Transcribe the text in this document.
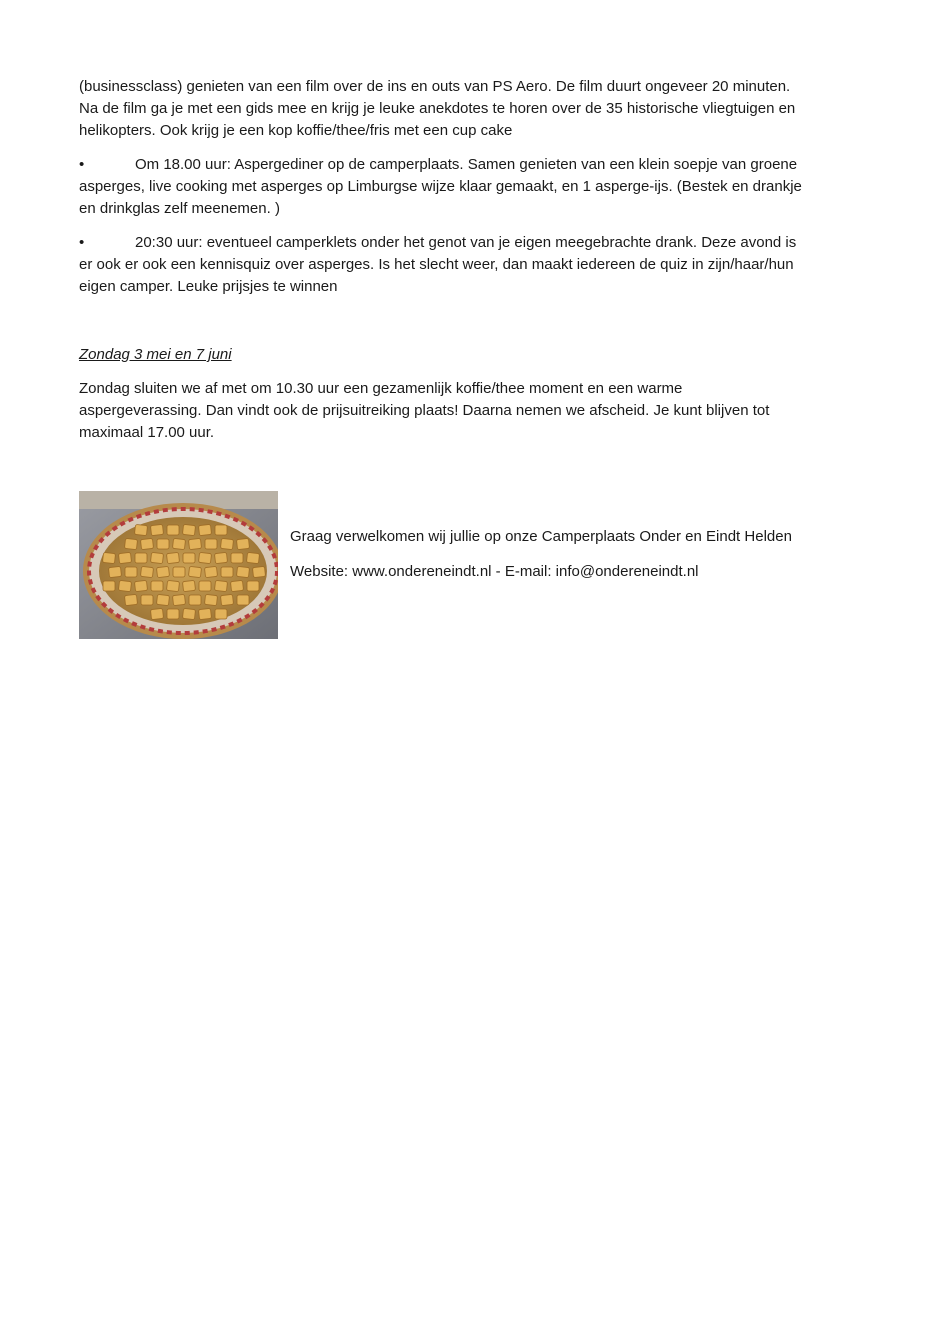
(businessclass) genieten van een film over de ins en outs van PS Aero. De film duurt ongeveer 20 minuten.
Na de film ga je met een gids mee en krijg je leuke anekdotes te horen over de 35 historische vliegtuigen en
helikopters. Ook krijg je een kop koffie/thee/fris met een cup cake
•	Om 18.00 uur: Aspergediner op de camperplaats. Samen genieten van een klein soepje van groene
asperges, live cooking met asperges op Limburgse wijze klaar gemaakt, en 1 asperge-ijs. (Bestek en drankje
en drinkglas zelf meenemen. )
•	20:30 uur: eventueel camperklets onder het genot van je eigen meegebrachte drank. Deze avond is
er ook er ook een kennisquiz over asperges. Is het slecht weer, dan maakt iedereen de quiz in zijn/haar/hun
eigen camper. Leuke prijsjes te winnen
Zondag 3 mei en 7 juni
Zondag sluiten we af met om 10.30 uur een gezamenlijk koffie/thee moment en een warme
aspergeverassing. Dan vindt ook de prijsuitreiking plaats! Daarna nemen we afscheid. Je kunt blijven tot
maximaal 17.00 uur.
Graag verwelkomen wij jullie op onze Camperplaats Onder en Eindt Helden
Website: www.ondereneindt.nl - E-mail: info@ondereneindt.nl
